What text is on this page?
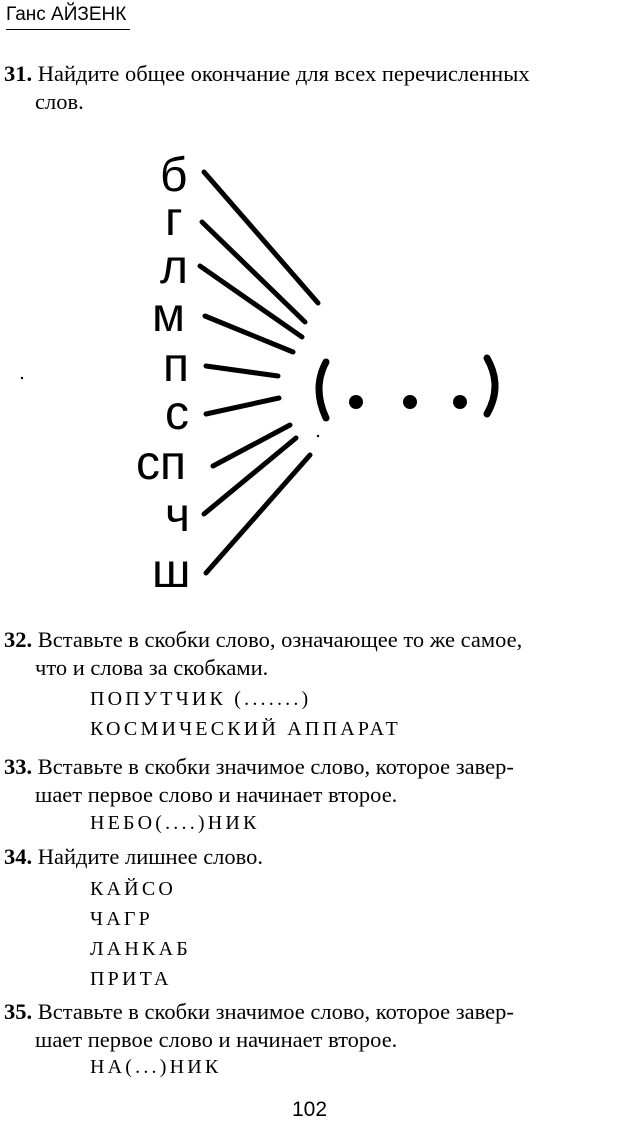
Ганс АЙЗЕНК
31. Найдите общее окончание для всех перечисленных
слов.
б
г
л
м
п
с
сп
ч
ш
32. Вставьте в скобки слово, означающее то же самое,
что и слова за скобками.
ПОПУТЧИК (.......)
КОСМИЧЕСКИЙ АППАРАТ
33. Вставьте в скобки значимое слово, которое завер-
шает первое слово и начинает второе.
НЕБО(....)НИК
34. Найдите лишнее слово.
КАЙСО
ЧАГР
ЛАНКАБ
ПРИТА
35. Вставьте в скобки значимое слово, которое завер-
шает первое слово и начинает второе.
НА(...)НИК
102
